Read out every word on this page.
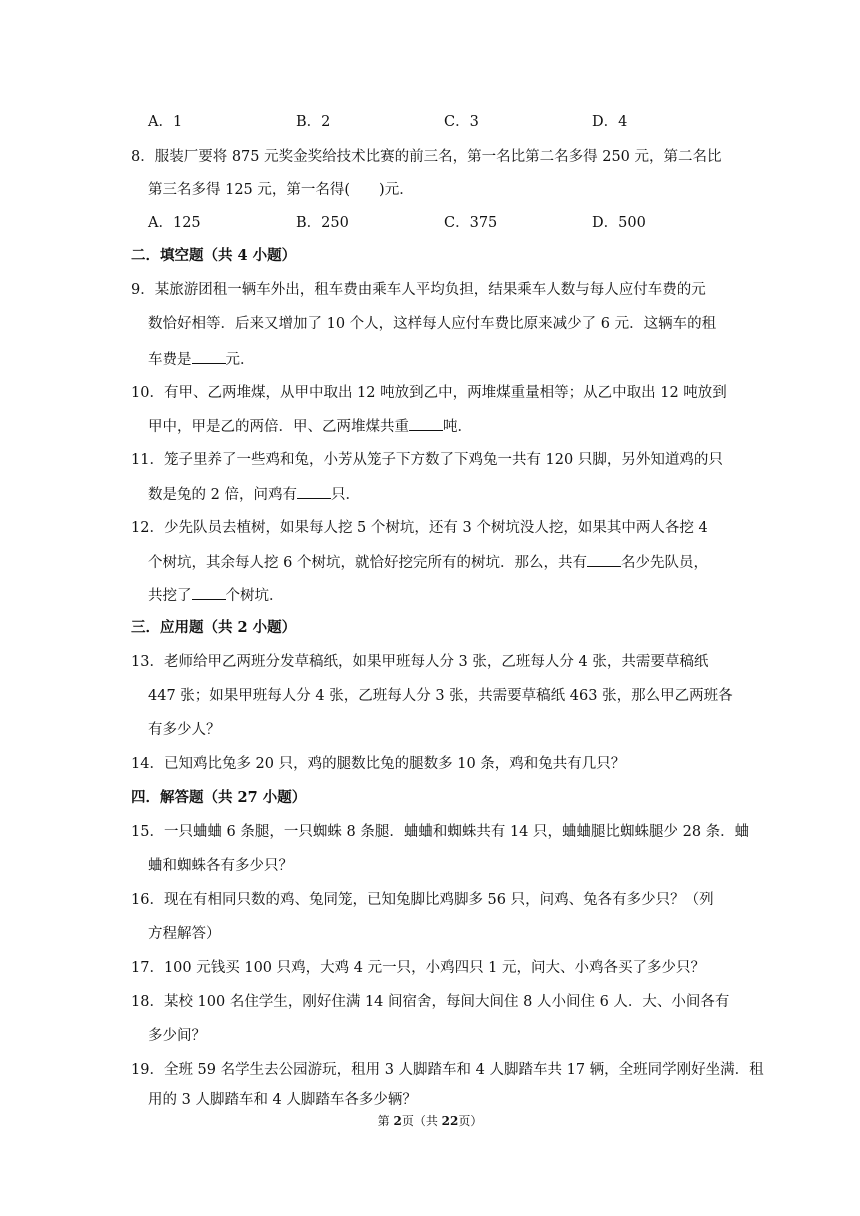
A．1	B．2	C．3	D．4
8．服装厂要将 875 元奖金奖给技术比赛的前三名，第一名比第二名多得 250 元，第二名比
第三名多得 125 元，第一名得(　　)元．
A．125	B．250	C．375	D．500
二．填空题（共 4 小题）
9．某旅游团租一辆车外出，租车费由乘车人平均负担，结果乘车人数与每人应付车费的元
数恰好相等．后来又增加了 10 个人，这样每人应付车费比原来减少了 6 元．这辆车的租
车费是 元．
10．有甲、乙两堆煤，从甲中取出 12 吨放到乙中，两堆煤重量相等；从乙中取出 12 吨放到
甲中，甲是乙的两倍．甲、乙两堆煤共重 吨．
11．笼子里养了一些鸡和兔，小芳从笼子下方数了下鸡兔一共有 120 只脚，另外知道鸡的只
数是兔的 2 倍，问鸡有 只．
12．少先队员去植树，如果每人挖 5 个树坑，还有 3 个树坑没人挖，如果其中两人各挖 4
个树坑，其余每人挖 6 个树坑，就恰好挖完所有的树坑．那么，共有 名少先队员，
共挖了 个树坑．
三．应用题（共 2 小题）
13．老师给甲乙两班分发草稿纸，如果甲班每人分 3 张，乙班每人分 4 张，共需要草稿纸
447 张；如果甲班每人分 4 张，乙班每人分 3 张，共需要草稿纸 463 张，那么甲乙两班各
有多少人？
14．已知鸡比兔多 20 只，鸡的腿数比兔的腿数多 10 条，鸡和兔共有几只？
四．解答题（共 27 小题）
15．一只蛐蛐 6 条腿，一只蜘蛛 8 条腿．蛐蛐和蜘蛛共有 14 只，蛐蛐腿比蜘蛛腿少 28 条．蛐
蛐和蜘蛛各有多少只？
16．现在有相同只数的鸡、兔同笼，已知兔脚比鸡脚多 56 只，问鸡、兔各有多少只？（列
方程解答）
17．100 元钱买 100 只鸡，大鸡 4 元一只，小鸡四只 1 元，问大、小鸡各买了多少只？
18．某校 100 名住学生，刚好住满 14 间宿舍，每间大间住 8 人小间住 6 人．大、小间各有
多少间？
19．全班 59 名学生去公园游玩，租用 3 人脚踏车和 4 人脚踏车共 17 辆，全班同学刚好坐满．租
用的 3 人脚踏车和 4 人脚踏车各多少辆？
第 2页（共 22页）
